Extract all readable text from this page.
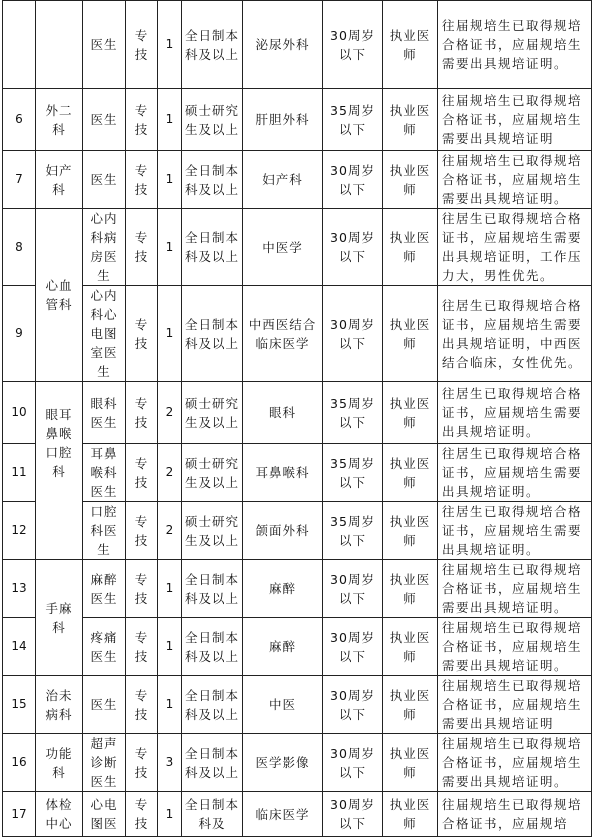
		医生	专技	1	全日制本科及以上	泌尿外科	30周岁以下	执业医师	往届规培生已取得规培合格证书，应届规培生需要出具规培证明。
6	外二科	医生	专技	1	硕士研究生及以上	肝胆外科	35周岁以下	执业医师	往届规培生已取得规培合格证书，应届规培生需要出具规培证明
7	妇产科	医生	专技	1	全日制本科及以上	妇产科	30周岁以下	执业医师	往届规培生已取得规培合格证书，应届规培生需要出具规培证明。
8	心血管科	心内科病房医生	专技	1	全日制本科及以上	中医学	30周岁以下	执业医师	往居生已取得规培合格证书，应届规培生需要出具规培证明，工作压力大，男性优先。
9		心内科心电图室医生	专技	1	全日制本科及以上	中西医结合临床医学	30周岁以下	执业医师	往居生已取得规培合格证书，应届规培生需要出具规培证明，中西医结合临床，女性优先。
10	眼耳鼻喉口腔科	眼科医生	专技	2	硕士研究生及以上	眼科	35周岁以下	执业医师	往居生已取得规培合格证书，应届规培生需要出具规培证明。
11		耳鼻喉科医生	专技	2	硕士研究生及以上	耳鼻喉科	35周岁以下	执业医师	往居生已取得规培合格证书，应届规培生需要出具规培证明。
12		口腔科医生	专技	2	硕士研究生及以上	颌面外科	35周岁以下	执业医师	往居生已取得规培合格证书，应届规培生需要出具规培证明。
13	手麻科	麻醉医生	专技	1	全日制本科及以上	麻醉	30周岁以下	执业医师	往届规培生已取得规培合格证书，应届规培生需要出具规培证明。
14		疼痛医生	专技	1	全日制本科及以上	麻醉	30周岁以下	执业医师	往届规培生已取得规培合格证书，应届规培生需要出具规培证明。
15	治未病科	医生	专技	1	全日制本科及以上	中医	30周岁以下	执业医师	往届规培生已取得规培合格证书，应届规培生需要出具规培证明
16	功能科	超声诊断医生	专技	3	全日制本科及以上	医学影像	30周岁以下	执业医师	往届规培生已取得规培合格证书，应届规培生需要出具规培证明。
17	体检中心	心电图医	专技	1	全日制本科及	临床医学	30周岁以下	执业医师	往届规培生已取得规培合格证书，应届规培
